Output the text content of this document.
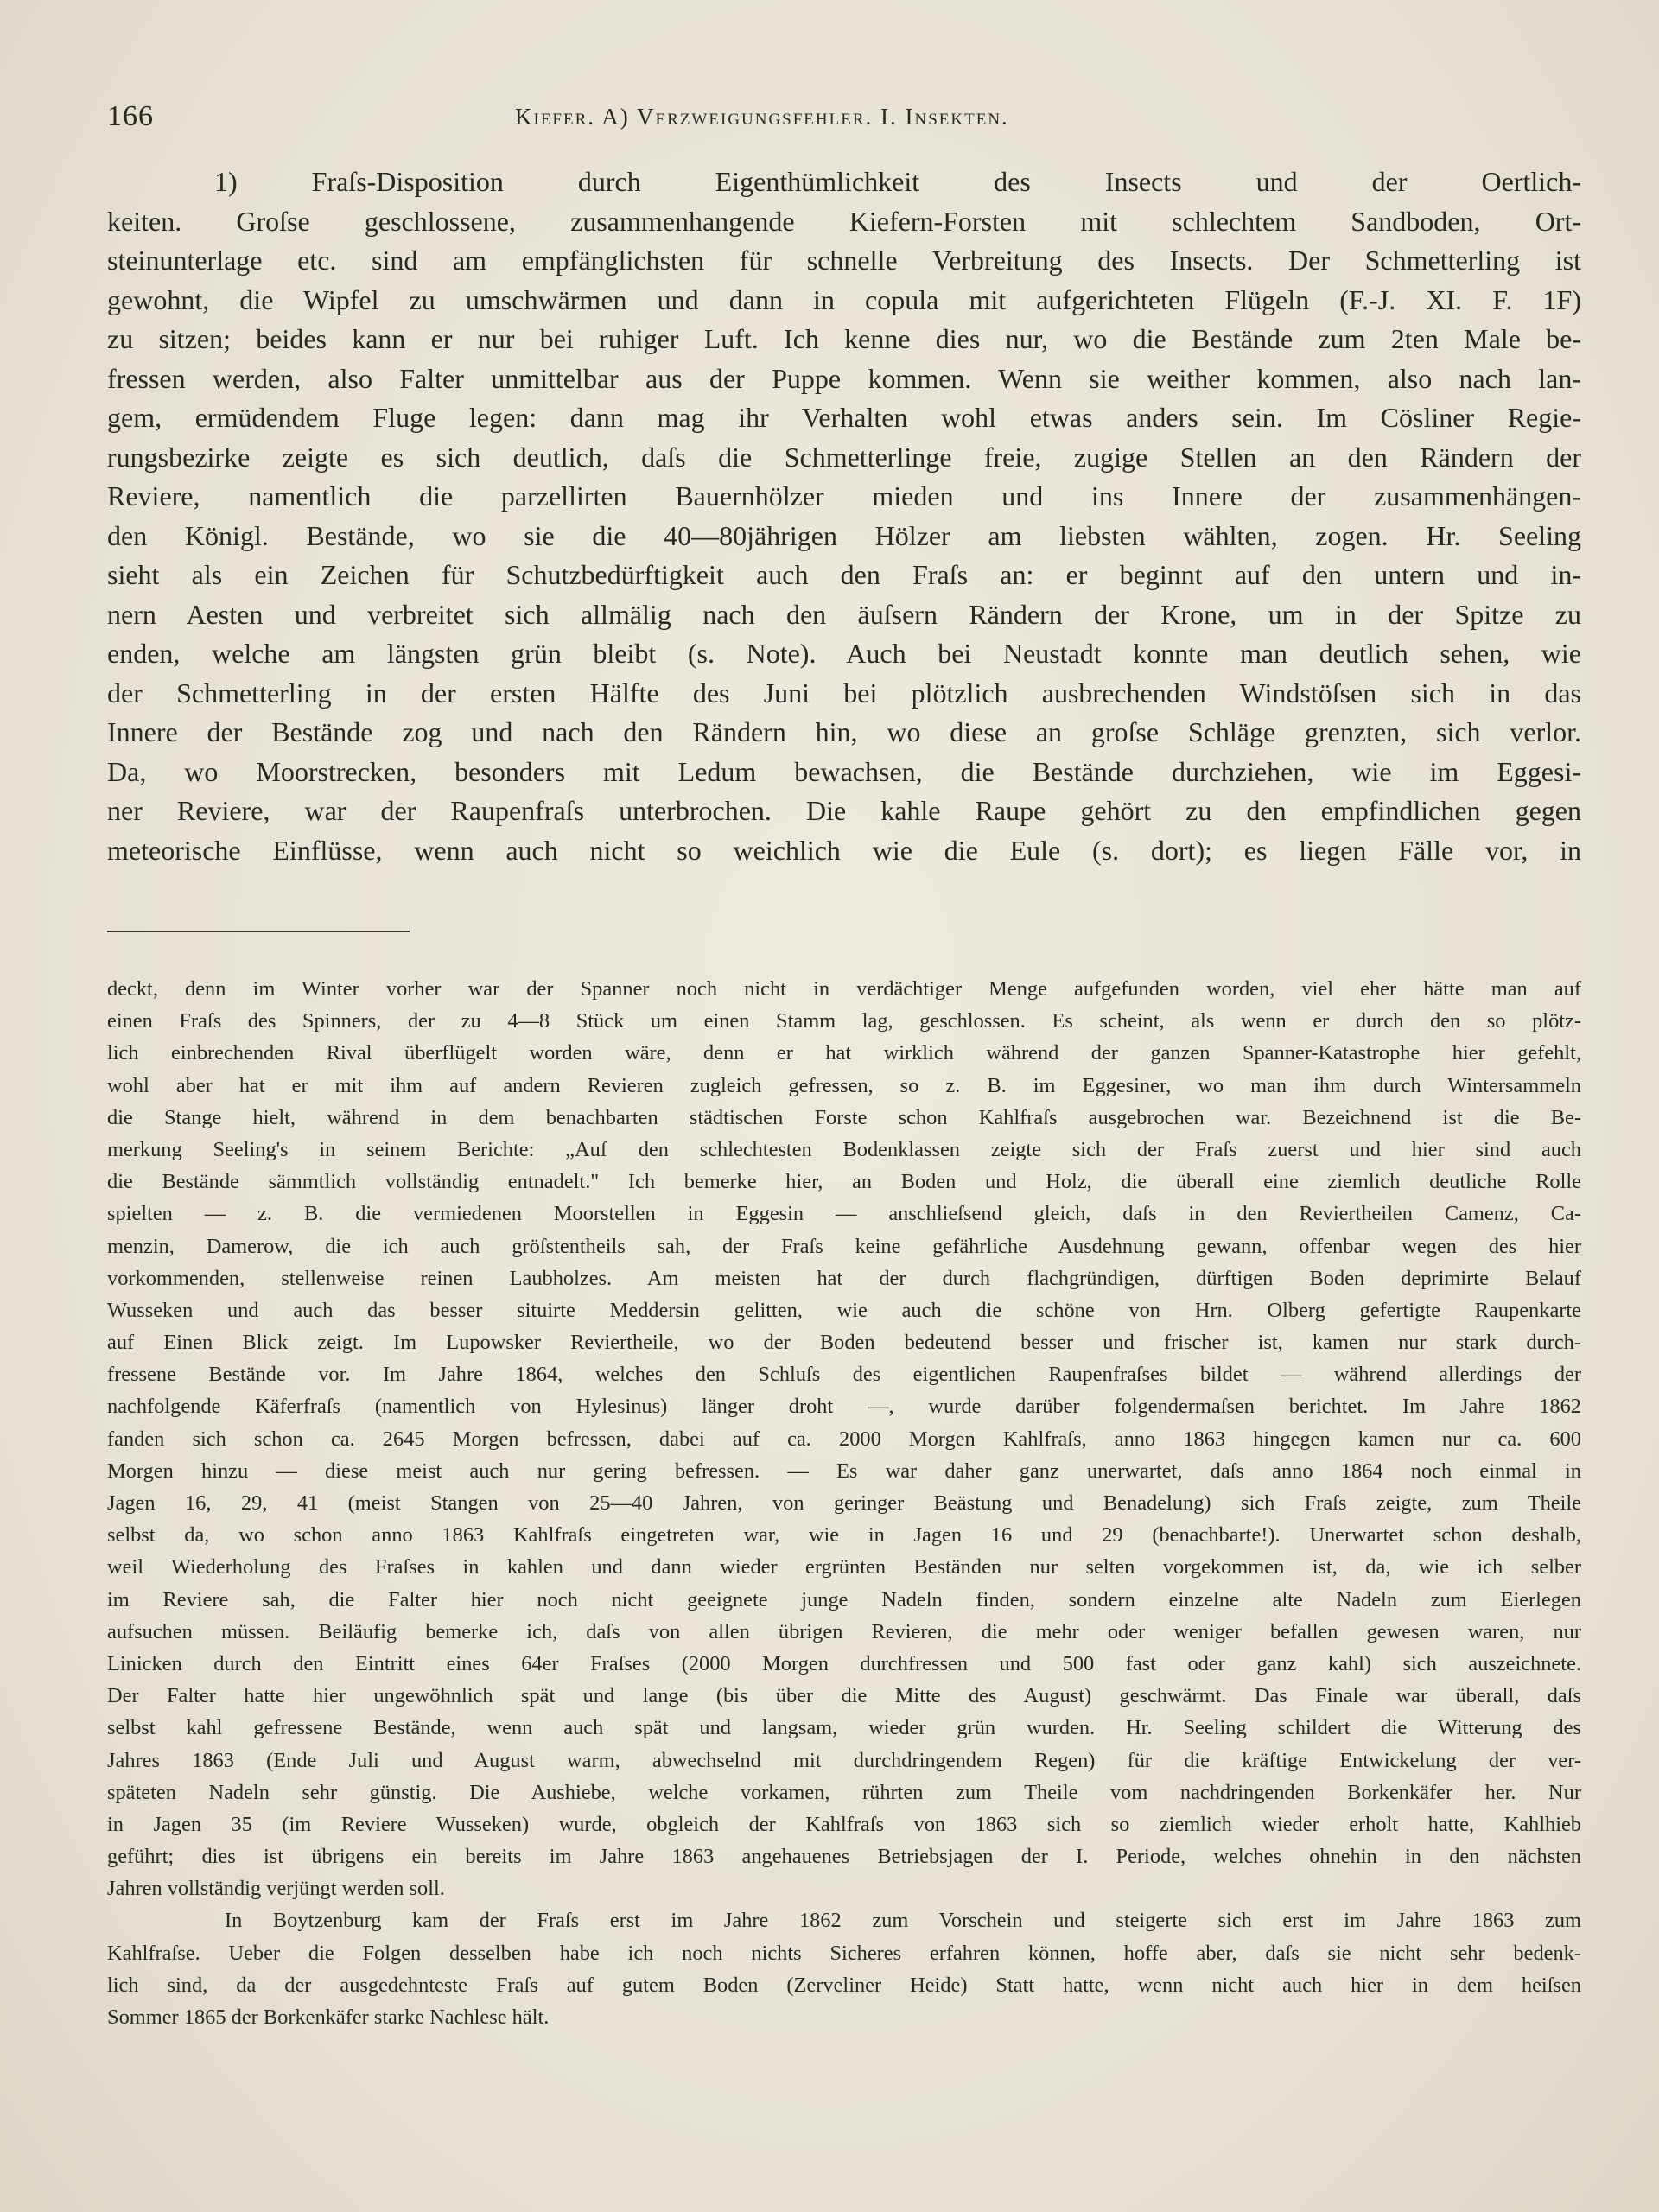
166	Kiefer. A) Verzweigungsfehler. I. Insekten.
1) Fraſs-Disposition durch Eigenthümlichkeit des Insects und der Oertlich-
keiten. Groſse geschlossene, zusammenhangende Kiefern-Forsten mit schlechtem Sandboden, Ort-
steinunterlage etc. sind am empfänglichsten für schnelle Verbreitung des Insects. Der Schmetterling ist
gewohnt, die Wipfel zu umschwärmen und dann in copula mit aufgerichteten Flügeln (F.-J. XI. F. 1F)
zu sitzen; beides kann er nur bei ruhiger Luft. Ich kenne dies nur, wo die Bestände zum 2ten Male be-
fressen werden, also Falter unmittelbar aus der Puppe kommen. Wenn sie weither kommen, also nach lan-
gem, ermüdendem Fluge legen: dann mag ihr Verhalten wohl etwas anders sein. Im Cösliner Regie-
rungsbezirke zeigte es sich deutlich, daſs die Schmetterlinge freie, zugige Stellen an den Rändern der
Reviere, namentlich die parzellirten Bauernhölzer mieden und ins Innere der zusammenhängen-
den Königl. Bestände, wo sie die 40—80jährigen Hölzer am liebsten wählten, zogen. Hr. Seeling
sieht als ein Zeichen für Schutzbedürftigkeit auch den Fraſs an: er beginnt auf den untern und in-
nern Aesten und verbreitet sich allmälig nach den äuſsern Rändern der Krone, um in der Spitze zu
enden, welche am längsten grün bleibt (s. Note). Auch bei Neustadt konnte man deutlich sehen, wie
der Schmetterling in der ersten Hälfte des Juni bei plötzlich ausbrechenden Windstöſsen sich in das
Innere der Bestände zog und nach den Rändern hin, wo diese an groſse Schläge grenzten, sich verlor.
Da, wo Moorstrecken, besonders mit Ledum bewachsen, die Bestände durchziehen, wie im Eggesi-
ner Reviere, war der Raupenfraſs unterbrochen. Die kahle Raupe gehört zu den empfindlichen gegen
meteorische Einflüsse, wenn auch nicht so weichlich wie die Eule (s. dort); es liegen Fälle vor, in
deckt, denn im Winter vorher war der Spanner noch nicht in verdächtiger Menge aufgefunden worden, viel eher hätte man auf
einen Fraſs des Spinners, der zu 4—8 Stück um einen Stamm lag, geschlossen. Es scheint, als wenn er durch den so plötz-
lich einbrechenden Rival überflügelt worden wäre, denn er hat wirklich während der ganzen Spanner-Katastrophe hier gefehlt,
wohl aber hat er mit ihm auf andern Revieren zugleich gefressen, so z. B. im Eggesiner, wo man ihm durch Wintersammeln
die Stange hielt, während in dem benachbarten städtischen Forste schon Kahlfraſs ausgebrochen war. Bezeichnend ist die Be-
merkung Seeling's in seinem Berichte: „Auf den schlechtesten Bodenklassen zeigte sich der Fraſs zuerst und hier sind auch
die Bestände sämmtlich vollständig entnadelt." Ich bemerke hier, an Boden und Holz, die überall eine ziemlich deutliche Rolle
spielten — z. B. die vermiedenen Moorstellen in Eggesin — anschlieſsend gleich, daſs in den Reviertheilen Camenz, Ca-
menzin, Damerow, die ich auch gröſstentheils sah, der Fraſs keine gefährliche Ausdehnung gewann, offenbar wegen des hier
vorkommenden, stellenweise reinen Laubholzes. Am meisten hat der durch flachgründigen, dürftigen Boden deprimirte Belauf
Wusseken und auch das besser situirte Meddersin gelitten, wie auch die schöne von Hrn. Olberg gefertigte Raupenkarte
auf Einen Blick zeigt. Im Lupowsker Reviertheile, wo der Boden bedeutend besser und frischer ist, kamen nur stark durch-
fressene Bestände vor. Im Jahre 1864, welches den Schluſs des eigentlichen Raupenfraſses bildet — während allerdings der
nachfolgende Käferfraſs (namentlich von Hylesinus) länger droht —, wurde darüber folgendermaſsen berichtet. Im Jahre 1862
fanden sich schon ca. 2645 Morgen befressen, dabei auf ca. 2000 Morgen Kahlfraſs, anno 1863 hingegen kamen nur ca. 600
Morgen hinzu — diese meist auch nur gering befressen. — Es war daher ganz unerwartet, daſs anno 1864 noch einmal in
Jagen 16, 29, 41 (meist Stangen von 25—40 Jahren, von geringer Beästung und Benadelung) sich Fraſs zeigte, zum Theile
selbst da, wo schon anno 1863 Kahlfraſs eingetreten war, wie in Jagen 16 und 29 (benachbarte!). Unerwartet schon deshalb,
weil Wiederholung des Fraſses in kahlen und dann wieder ergrünten Beständen nur selten vorgekommen ist, da, wie ich selber
im Reviere sah, die Falter hier noch nicht geeignete junge Nadeln finden, sondern einzelne alte Nadeln zum Eierlegen
aufsuchen müssen. Beiläufig bemerke ich, daſs von allen übrigen Revieren, die mehr oder weniger befallen gewesen waren, nur
Linicken durch den Eintritt eines 64er Fraſses (2000 Morgen durchfressen und 500 fast oder ganz kahl) sich auszeichnete.
Der Falter hatte hier ungewöhnlich spät und lange (bis über die Mitte des August) geschwärmt. Das Finale war überall, daſs
selbst kahl gefressene Bestände, wenn auch spät und langsam, wieder grün wurden. Hr. Seeling schildert die Witterung des
Jahres 1863 (Ende Juli und August warm, abwechselnd mit durchdringendem Regen) für die kräftige Entwickelung der ver-
späteten Nadeln sehr günstig. Die Aushiebe, welche vorkamen, rührten zum Theile vom nachdringenden Borkenkäfer her. Nur
in Jagen 35 (im Reviere Wusseken) wurde, obgleich der Kahlfraſs von 1863 sich so ziemlich wieder erholt hatte, Kahlhieb
geführt; dies ist übrigens ein bereits im Jahre 1863 angehauenes Betriebsjagen der I. Periode, welches ohnehin in den nächsten
Jahren vollständig verjüngt werden soll.
In Boytzenburg kam der Fraſs erst im Jahre 1862 zum Vorschein und steigerte sich erst im Jahre 1863 zum
Kahlfraſse. Ueber die Folgen desselben habe ich noch nichts Sicheres erfahren können, hoffe aber, daſs sie nicht sehr bedenk-
lich sind, da der ausgedehnteste Fraſs auf gutem Boden (Zerveliner Heide) Statt hatte, wenn nicht auch hier in dem heiſsen
Sommer 1865 der Borkenkäfer starke Nachlese hält.
